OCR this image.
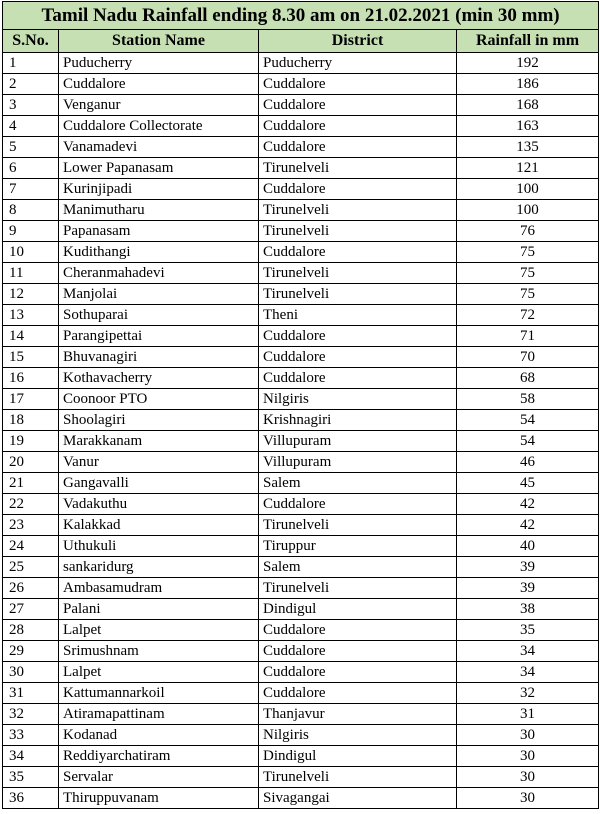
Tamil Nadu Rainfall ending 8.30 am on 21.02.2021 (min 30 mm)			
S.No.	Station Name	District	Rainfall in mm
1	Puducherry	Puducherry	192
2	Cuddalore	Cuddalore	186
3	Venganur	Cuddalore	168
4	Cuddalore Collectorate	Cuddalore	163
5	Vanamadevi	Cuddalore	135
6	Lower Papanasam	Tirunelveli	121
7	Kurinjipadi	Cuddalore	100
8	Manimutharu	Tirunelveli	100
9	Papanasam	Tirunelveli	76
10	Kudithangi	Cuddalore	75
11	Cheranmahadevi	Tirunelveli	75
12	Manjolai	Tirunelveli	75
13	Sothuparai	Theni	72
14	Parangipettai	Cuddalore	71
15	Bhuvanagiri	Cuddalore	70
16	Kothavacherry	Cuddalore	68
17	Coonoor PTO	Nilgiris	58
18	Shoolagiri	Krishnagiri	54
19	Marakkanam	Villupuram	54
20	Vanur	Villupuram	46
21	Gangavalli	Salem	45
22	Vadakuthu	Cuddalore	42
23	Kalakkad	Tirunelveli	42
24	Uthukuli	Tiruppur	40
25	sankaridurg	Salem	39
26	Ambasamudram	Tirunelveli	39
27	Palani	Dindigul	38
28	Lalpet	Cuddalore	35
29	Srimushnam	Cuddalore	34
30	Lalpet	Cuddalore	34
31	Kattumannarkoil	Cuddalore	32
32	Atiramapattinam	Thanjavur	31
33	Kodanad	Nilgiris	30
34	Reddiyarchatiram	Dindigul	30
35	Servalar	Tirunelveli	30
36	Thiruppuvanam	Sivagangai	30
